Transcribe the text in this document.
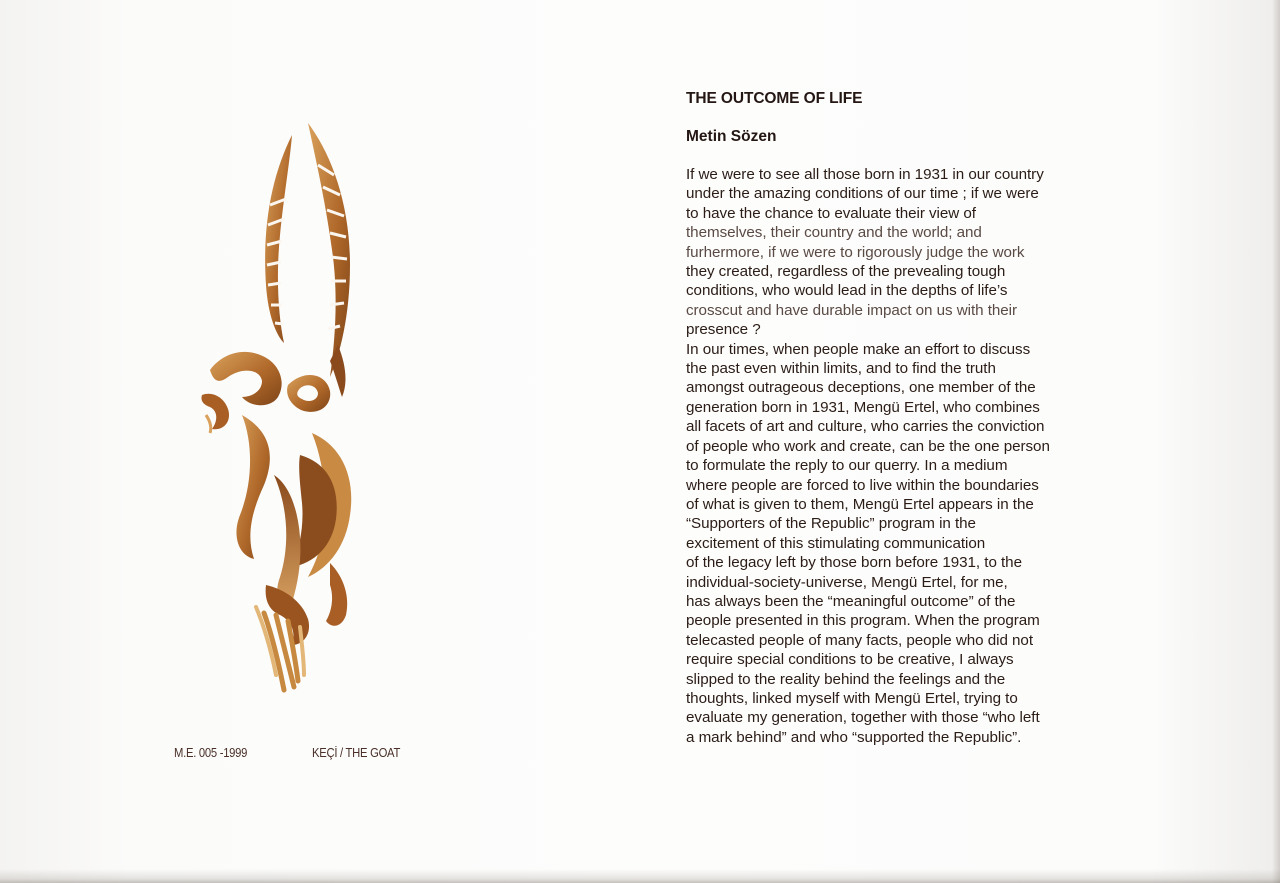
M.E. 005 -1999	KEÇİ / THE GOAT
THE OUTCOME OF LIFE
Metin Sözen
If we were to see all those born in 1931 in our country
under the amazing conditions of our time ; if we were
to have the chance to evaluate their view of
themselves, their country and the world; and
furhermore, if we were to rigorously judge the work
they created, regardless of the prevealing tough
conditions, who would lead in the depths of life’s
crosscut and have durable impact on us with their
presence ?
In our times, when people make an effort to discuss
the past even within limits, and to find the truth
amongst outrageous deceptions, one member of the
generation born in 1931, Mengü Ertel, who combines
all facets of art and culture, who carries the conviction
of people who work and create, can be the one person
to formulate the reply to our querry. In a medium
where people are forced to live within the boundaries
of what is given to them, Mengü Ertel appears in the
“Supporters of the Republic” program in the
excitement of this stimulating communication
of the legacy left by those born before 1931, to the
individual-society-universe, Mengü Ertel, for me,
has always been the “meaningful outcome” of the
people presented in this program. When the program
telecasted people of many facts, people who did not
require special conditions to be creative, I always
slipped to the reality behind the feelings and the
thoughts, linked myself with Mengü Ertel, trying to
evaluate my generation, together with those “who left
a mark behind” and who “supported the Republic”.
